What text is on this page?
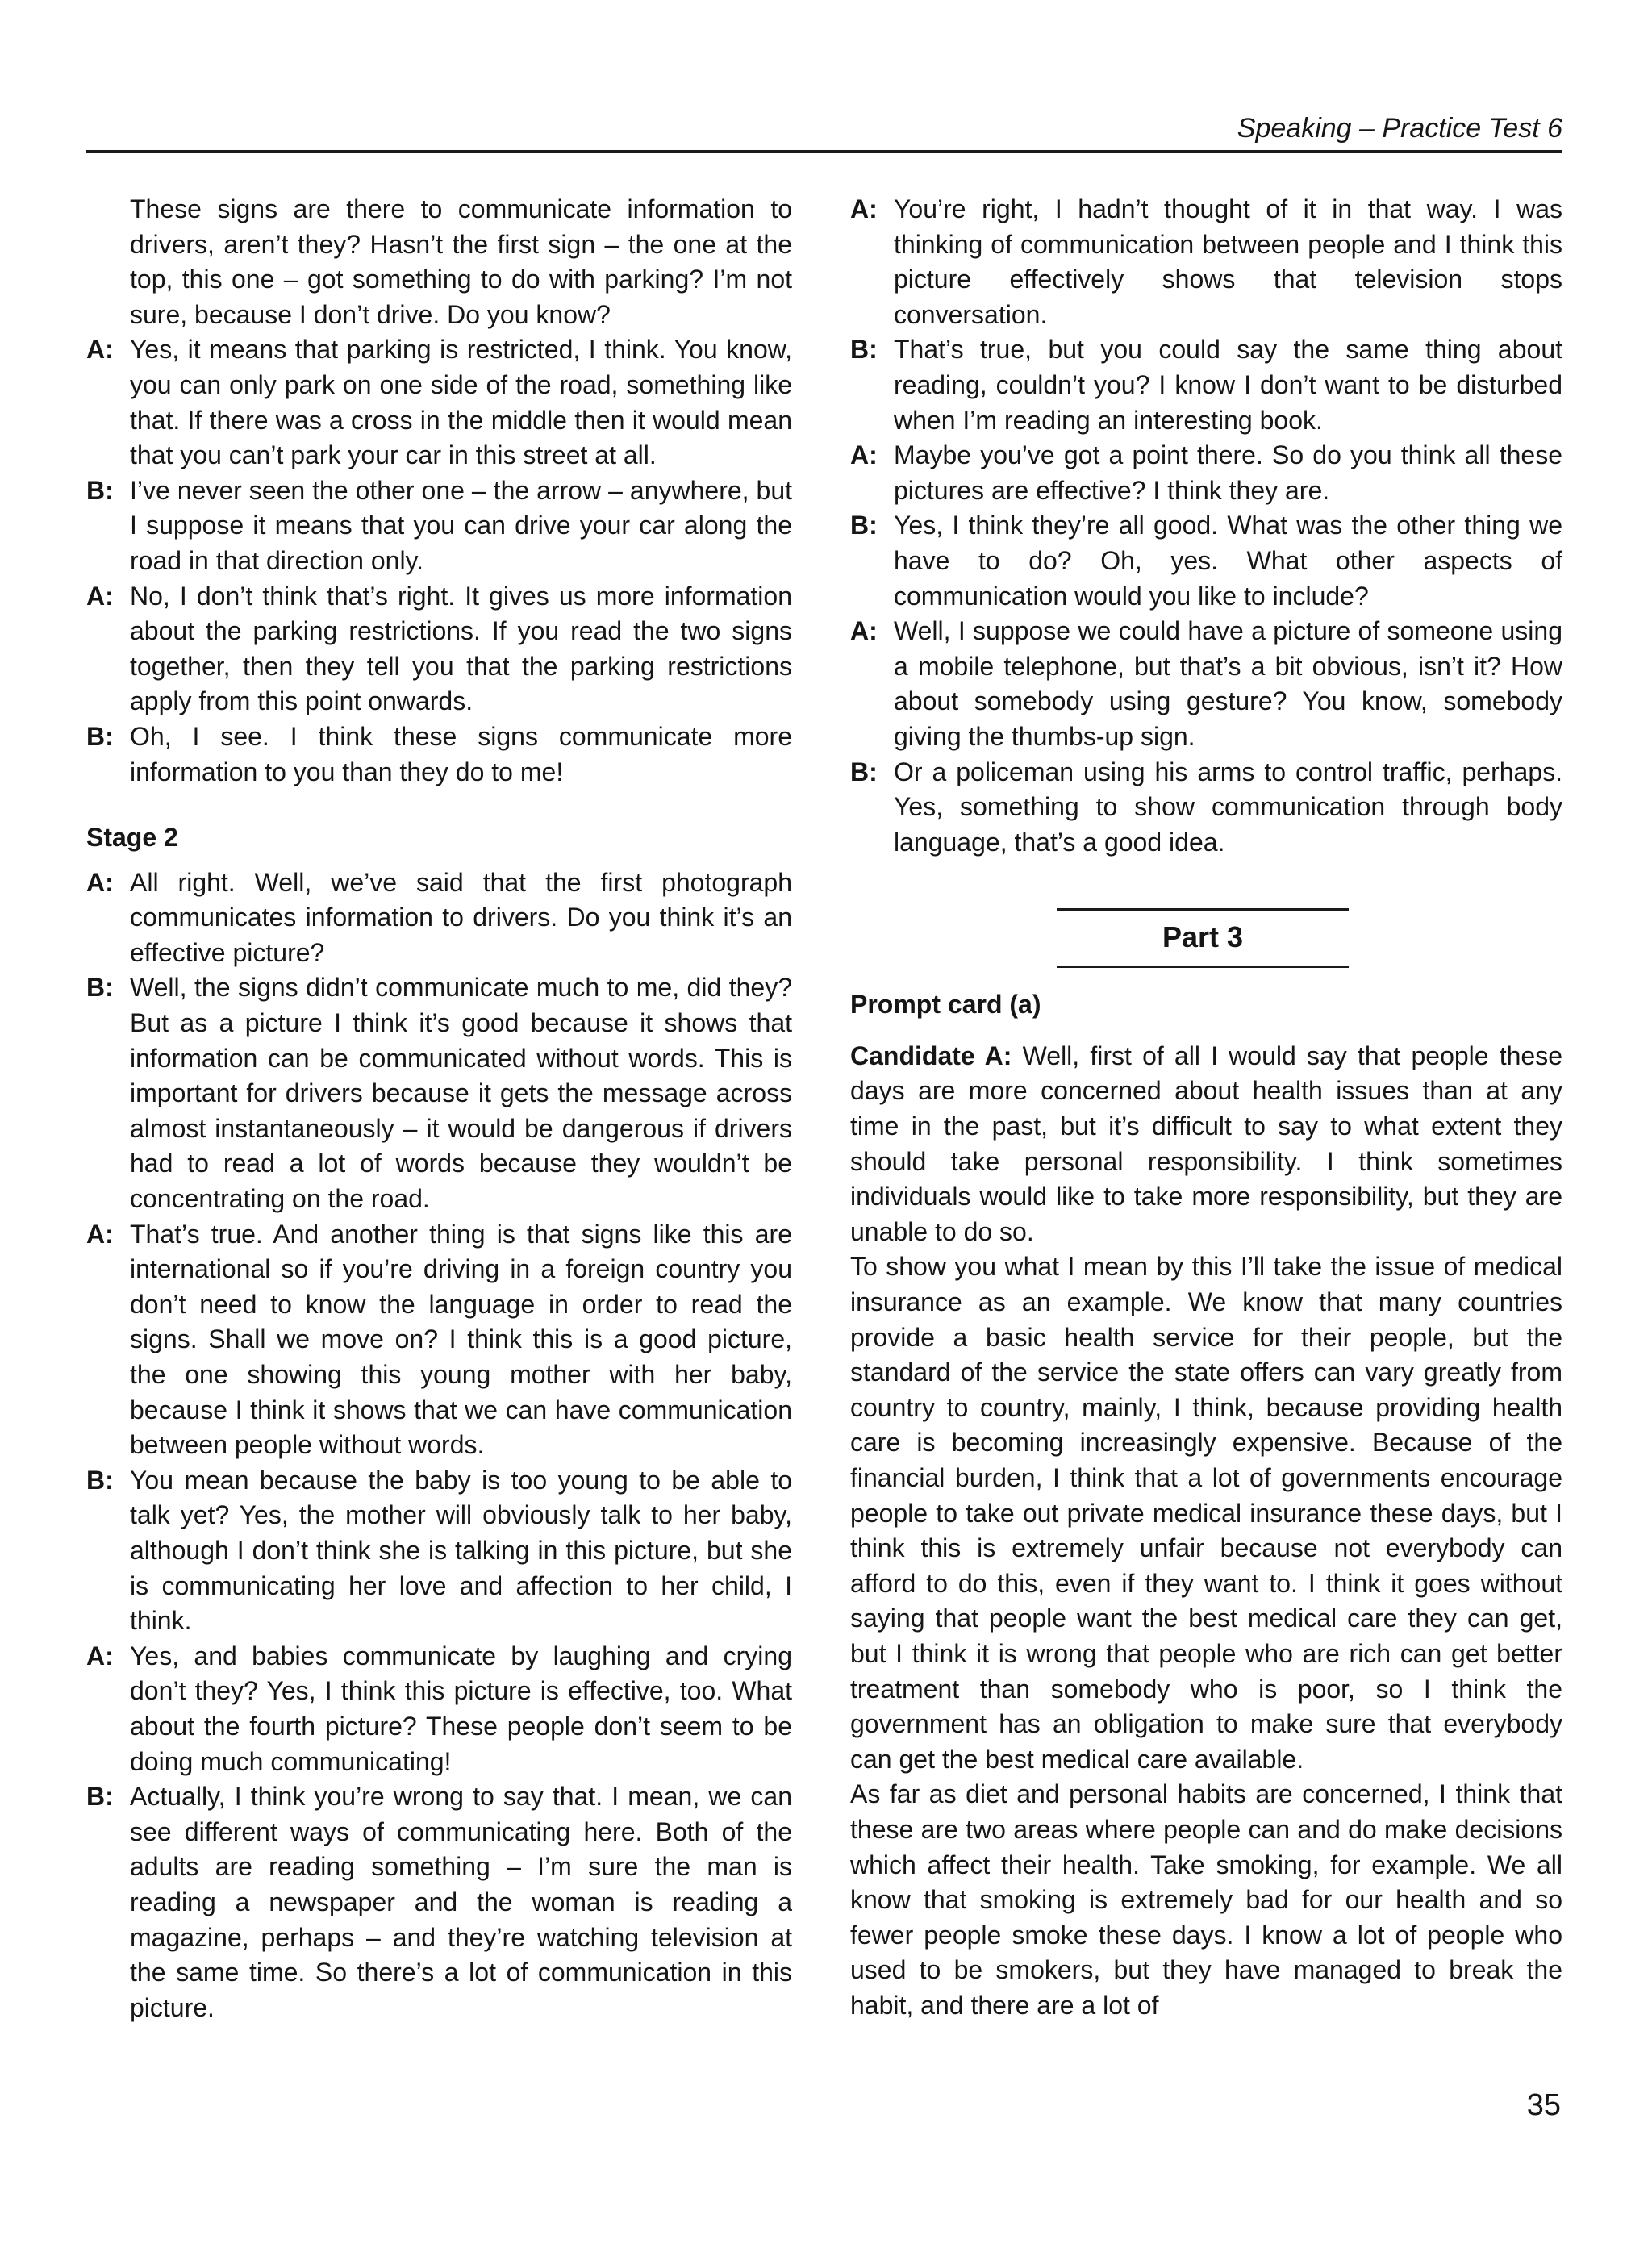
Speaking – Practice Test 6
These signs are there to communicate information to drivers, aren’t they? Hasn’t the first sign – the one at the top, this one – got something to do with parking? I’m not sure, because I don’t drive. Do you know?
A: Yes, it means that parking is restricted, I think. You know, you can only park on one side of the road, something like that. If there was a cross in the middle then it would mean that you can’t park your car in this street at all.
B: I’ve never seen the other one – the arrow – anywhere, but I suppose it means that you can drive your car along the road in that direction only.
A: No, I don’t think that’s right. It gives us more information about the parking restrictions. If you read the two signs together, then they tell you that the parking restrictions apply from this point onwards.
B: Oh, I see. I think these signs communicate more information to you than they do to me!
Stage 2
A: All right. Well, we’ve said that the first photograph communicates information to drivers. Do you think it’s an effective picture?
B: Well, the signs didn’t communicate much to me, did they? But as a picture I think it’s good because it shows that information can be communicated without words. This is important for drivers because it gets the message across almost instantaneously – it would be dangerous if drivers had to read a lot of words because they wouldn’t be concentrating on the road.
A: That’s true. And another thing is that signs like this are international so if you’re driving in a foreign country you don’t need to know the language in order to read the signs. Shall we move on? I think this is a good picture, the one showing this young mother with her baby, because I think it shows that we can have communication between people without words.
B: You mean because the baby is too young to be able to talk yet? Yes, the mother will obviously talk to her baby, although I don’t think she is talking in this picture, but she is communicating her love and affection to her child, I think.
A: Yes, and babies communicate by laughing and crying don’t they? Yes, I think this picture is effective, too. What about the fourth picture? These people don’t seem to be doing much communicating!
B: Actually, I think you’re wrong to say that. I mean, we can see different ways of communicating here. Both of the adults are reading something – I’m sure the man is reading a newspaper and the woman is reading a magazine, perhaps – and they’re watching television at the same time. So there’s a lot of communication in this picture.
A: You’re right, I hadn’t thought of it in that way. I was thinking of communication between people and I think this picture effectively shows that television stops conversation.
B: That’s true, but you could say the same thing about reading, couldn’t you? I know I don’t want to be disturbed when I’m reading an interesting book.
A: Maybe you’ve got a point there. So do you think all these pictures are effective? I think they are.
B: Yes, I think they’re all good. What was the other thing we have to do? Oh, yes. What other aspects of communication would you like to include?
A: Well, I suppose we could have a picture of someone using a mobile telephone, but that’s a bit obvious, isn’t it? How about somebody using gesture? You know, somebody giving the thumbs-up sign.
B: Or a policeman using his arms to control traffic, perhaps. Yes, something to show communication through body language, that’s a good idea.
Part 3
Prompt card (a)
Candidate A: Well, first of all I would say that people these days are more concerned about health issues than at any time in the past, but it’s difficult to say to what extent they should take personal responsibility. I think sometimes individuals would like to take more responsibility, but they are unable to do so.
To show you what I mean by this I’ll take the issue of medical insurance as an example. We know that many countries provide a basic health service for their people, but the standard of the service the state offers can vary greatly from country to country, mainly, I think, because providing health care is becoming increasingly expensive. Because of the financial burden, I think that a lot of governments encourage people to take out private medical insurance these days, but I think this is extremely unfair because not everybody can afford to do this, even if they want to. I think it goes without saying that people want the best medical care they can get, but I think it is wrong that people who are rich can get better treatment than somebody who is poor, so I think the government has an obligation to make sure that everybody can get the best medical care available.
As far as diet and personal habits are concerned, I think that these are two areas where people can and do make decisions which affect their health. Take smoking, for example. We all know that smoking is extremely bad for our health and so fewer people smoke these days. I know a lot of people who used to be smokers, but they have managed to break the habit, and there are a lot of
35
